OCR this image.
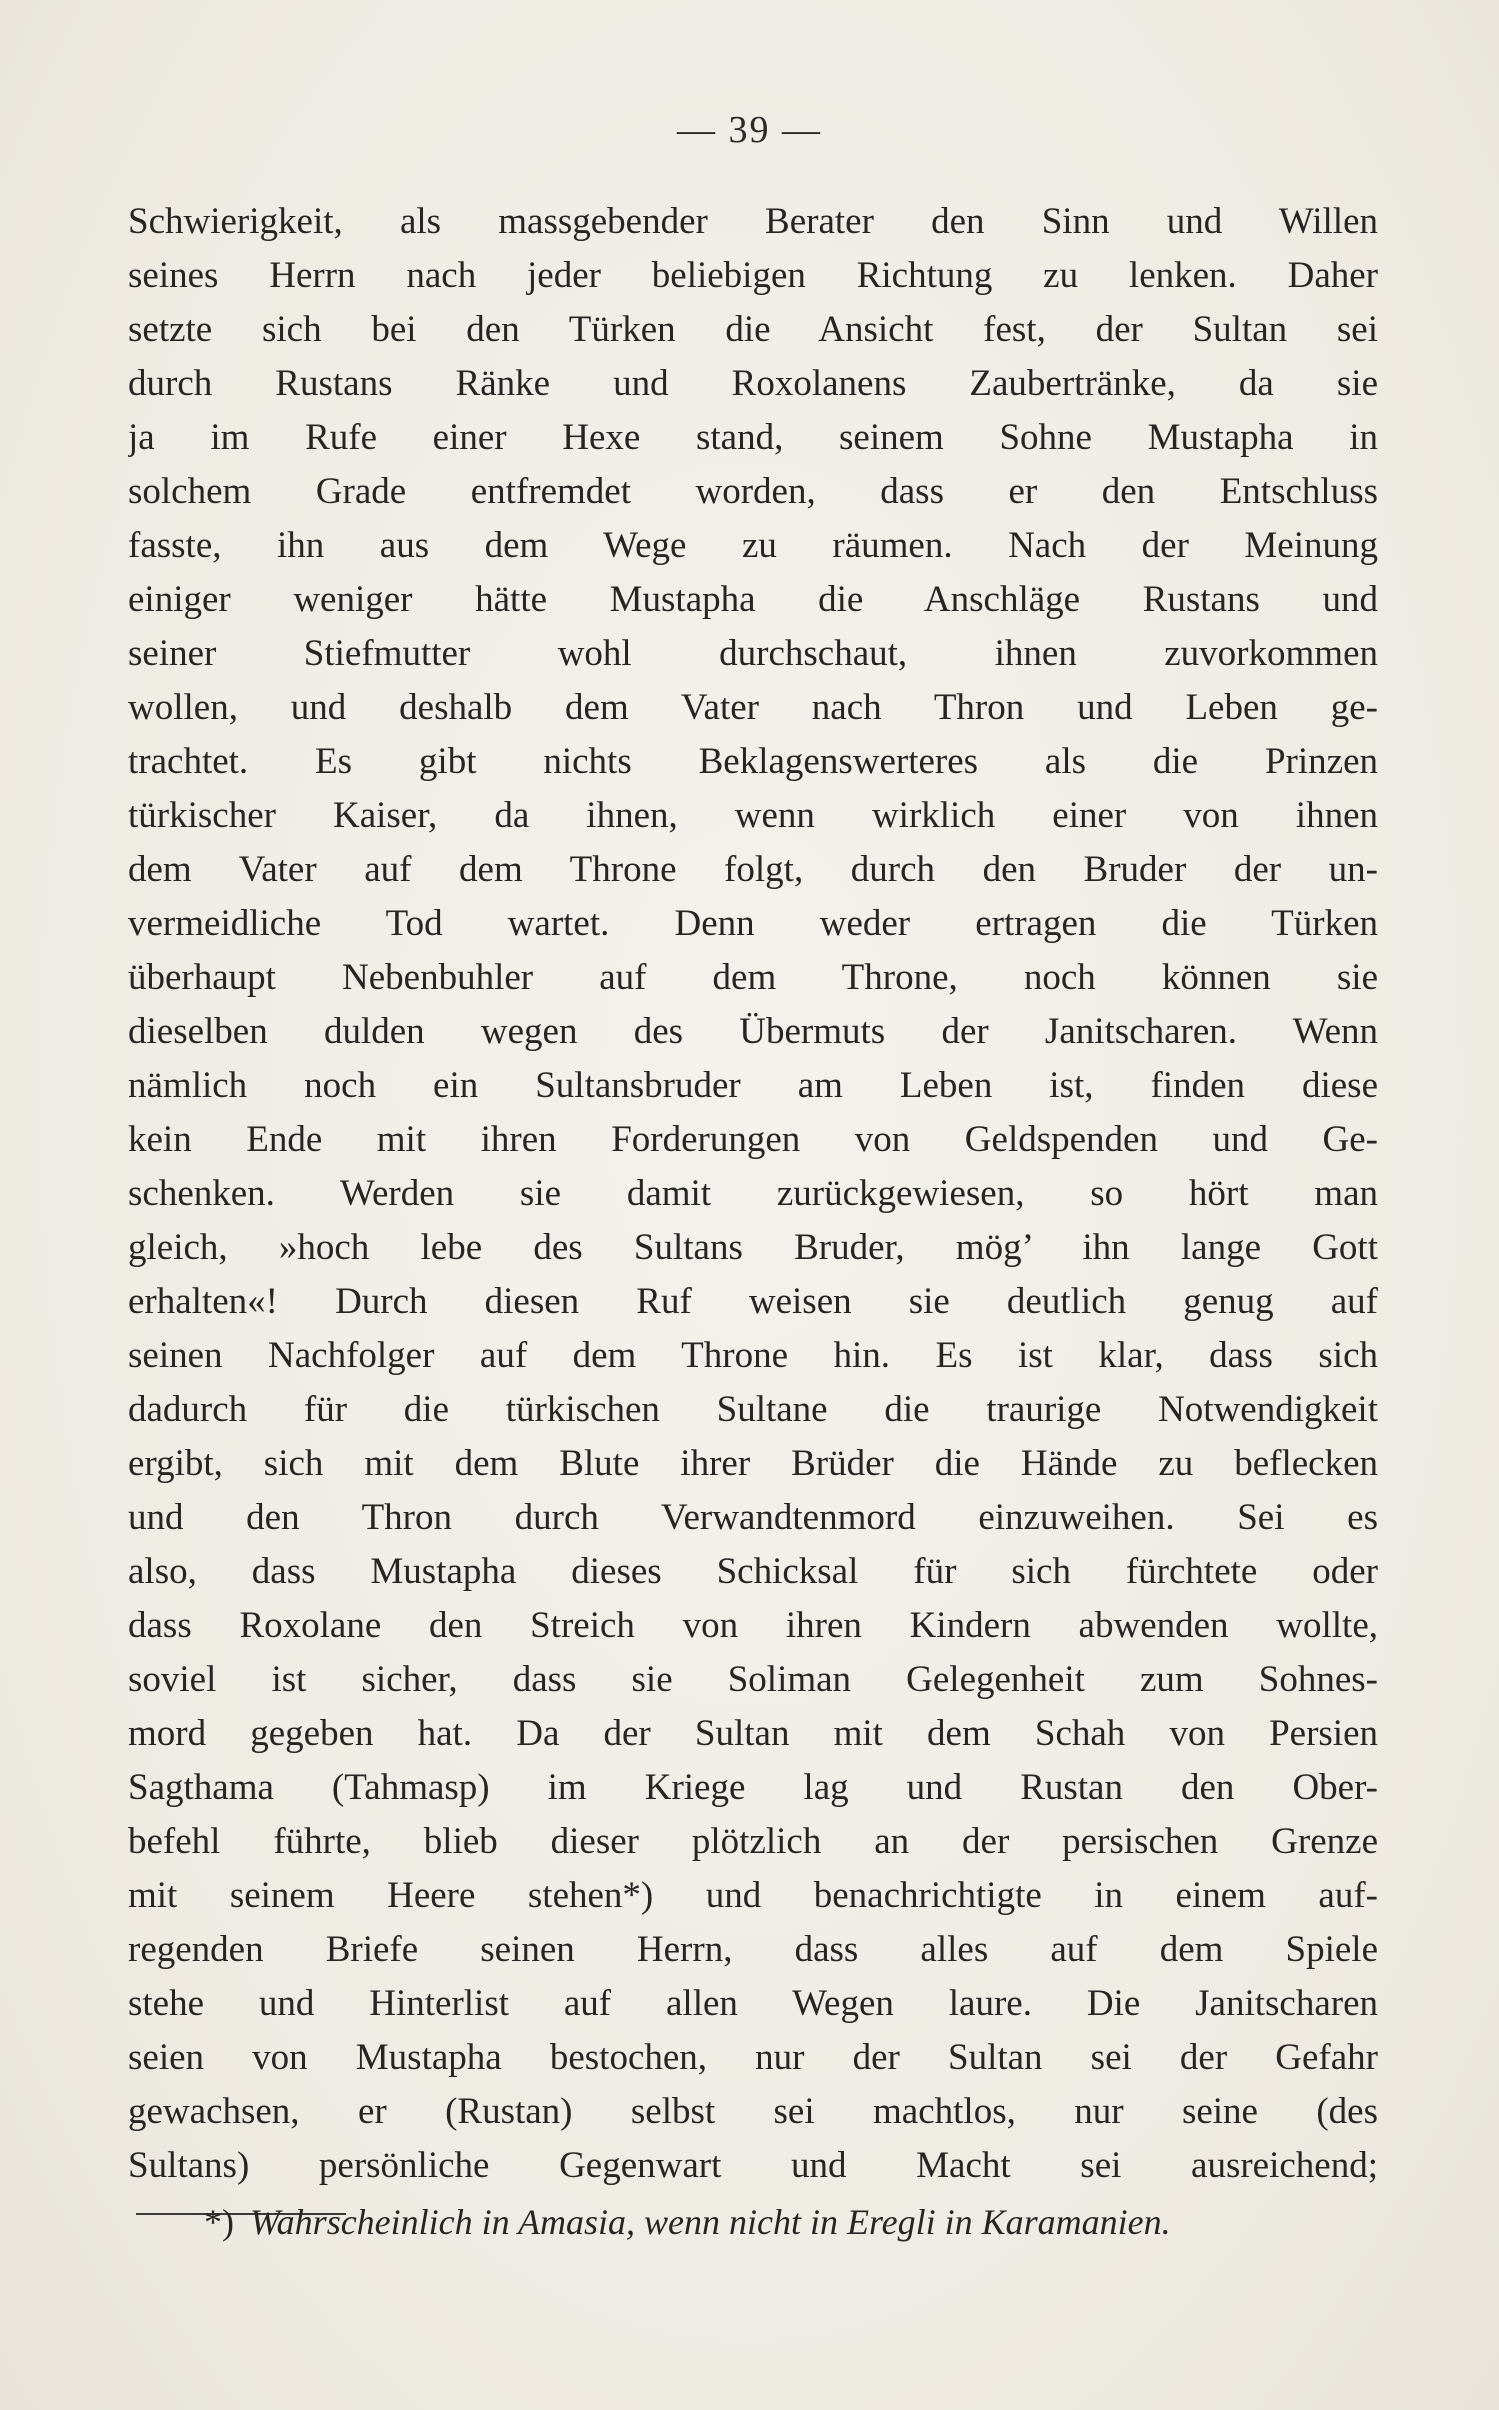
— 39 —
Schwierigkeit, als massgebender Berater den Sinn und Willen
seines Herrn nach jeder beliebigen Richtung zu lenken. Daher
setzte sich bei den Türken die Ansicht fest, der Sultan sei
durch Rustans Ränke und Roxolanens Zaubertränke, da sie
ja im Rufe einer Hexe stand, seinem Sohne Mustapha in
solchem Grade entfremdet worden, dass er den Entschluss
fasste, ihn aus dem Wege zu räumen. Nach der Meinung
einiger weniger hätte Mustapha die Anschläge Rustans und
seiner Stiefmutter wohl durchschaut, ihnen zuvorkommen
wollen, und deshalb dem Vater nach Thron und Leben ge-
trachtet. Es gibt nichts Beklagenswerteres als die Prinzen
türkischer Kaiser, da ihnen, wenn wirklich einer von ihnen
dem Vater auf dem Throne folgt, durch den Bruder der un-
vermeidliche Tod wartet. Denn weder ertragen die Türken
überhaupt Nebenbuhler auf dem Throne, noch können sie
dieselben dulden wegen des Übermuts der Janitscharen. Wenn
nämlich noch ein Sultansbruder am Leben ist, finden diese
kein Ende mit ihren Forderungen von Geldspenden und Ge-
schenken. Werden sie damit zurückgewiesen, so hört man
gleich, »hoch lebe des Sultans Bruder, mög’ ihn lange Gott
erhalten«! Durch diesen Ruf weisen sie deutlich genug auf
seinen Nachfolger auf dem Throne hin. Es ist klar, dass sich
dadurch für die türkischen Sultane die traurige Notwendigkeit
ergibt, sich mit dem Blute ihrer Brüder die Hände zu beflecken
und den Thron durch Verwandtenmord einzuweihen. Sei es
also, dass Mustapha dieses Schicksal für sich fürchtete oder
dass Roxolane den Streich von ihren Kindern abwenden wollte,
soviel ist sicher, dass sie Soliman Gelegenheit zum Sohnes-
mord gegeben hat. Da der Sultan mit dem Schah von Persien
Sagthama (Tahmasp) im Kriege lag und Rustan den Ober-
befehl führte, blieb dieser plötzlich an der persischen Grenze
mit seinem Heere stehen*) und benachrichtigte in einem auf-
regenden Briefe seinen Herrn, dass alles auf dem Spiele
stehe und Hinterlist auf allen Wegen laure. Die Janitscharen
seien von Mustapha bestochen, nur der Sultan sei der Gefahr
gewachsen, er (Rustan) selbst sei machtlos, nur seine (des
Sultans) persönliche Gegenwart und Macht sei ausreichend;
*) Wahrscheinlich in Amasia, wenn nicht in Eregli in Karamanien.
